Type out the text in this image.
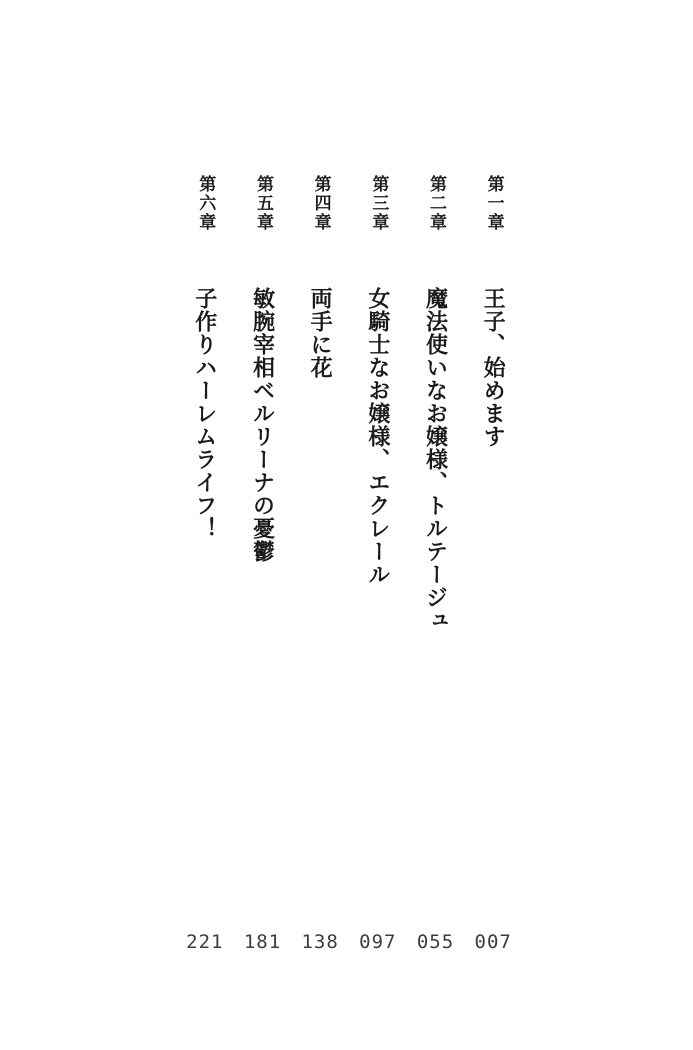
第一章
王子、始めます
第二章
魔法使いなお嬢様、トルテージュ
第三章
女騎士なお嬢様、エクレール
第四章
両手に花
第五章
敏腕宰相ベルリーナの憂鬱
第六章
子作りハーレムライフ！
007
055
097
138
181
221
